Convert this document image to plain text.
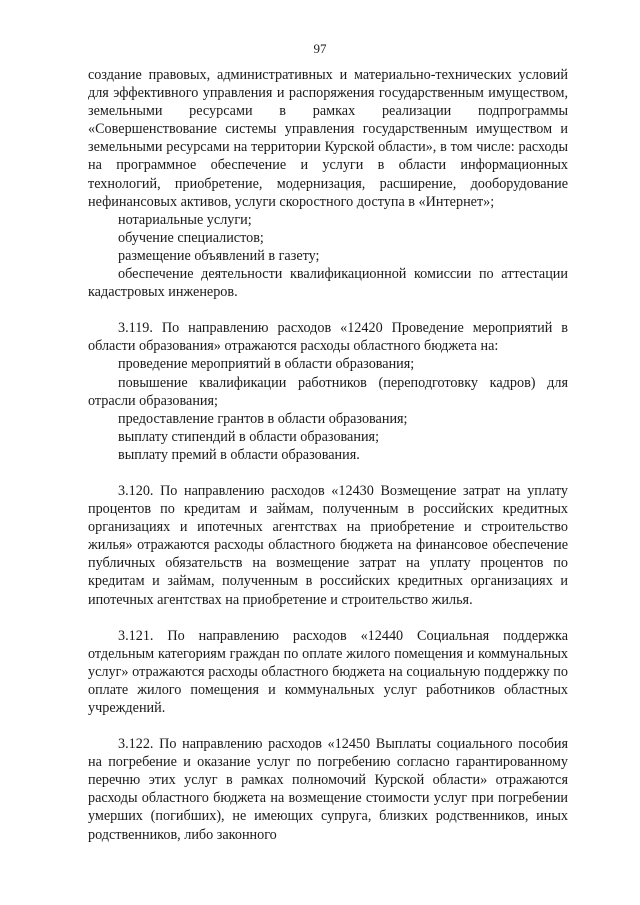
97

создание правовых, административных и материально-технических условий для эффективного управления и распоряжения государственным имуществом, земельными ресурсами в рамках реализации подпрограммы «Совершенствование системы управления государственным имуществом и земельными ресурсами на территории Курской области», в том числе: расходы на программное обеспечение и услуги в области информационных технологий, приобретение, модернизация, расширение, дооборудование нефинансовых активов, услуги скоростного доступа в «Интернет»;

нотариальные услуги;

обучение специалистов;

размещение объявлений в газету;

обеспечение деятельности квалификационной комиссии по аттестации кадастровых инженеров.

3.119. По направлению расходов «12420 Проведение мероприятий в области образования» отражаются расходы областного бюджета на:

проведение мероприятий в области образования;

повышение квалификации работников (переподготовку кадров) для отрасли образования;

предоставление грантов в области образования;

выплату стипендий в области образования;

выплату премий в области образования.

3.120. По направлению расходов «12430 Возмещение затрат на уплату процентов по кредитам и займам, полученным в российских кредитных организациях и ипотечных агентствах на приобретение и строительство жилья» отражаются расходы областного бюджета на финансовое обеспечение публичных обязательств на возмещение затрат на уплату процентов по кредитам и займам, полученным в российских кредитных организациях и ипотечных агентствах на приобретение и строительство жилья.

3.121. По направлению расходов «12440 Социальная поддержка отдельным категориям граждан по оплате жилого помещения и коммунальных услуг» отражаются расходы областного бюджета на социальную поддержку по оплате жилого помещения и коммунальных услуг работников областных учреждений.

3.122. По направлению расходов «12450 Выплаты социального пособия на погребение и оказание услуг по погребению согласно гарантированному перечню этих услуг в рамках полномочий Курской области» отражаются расходы областного бюджета на возмещение стоимости услуг при погребении умерших (погибших), не имеющих супруга, близких родственников, иных родственников, либо законного
